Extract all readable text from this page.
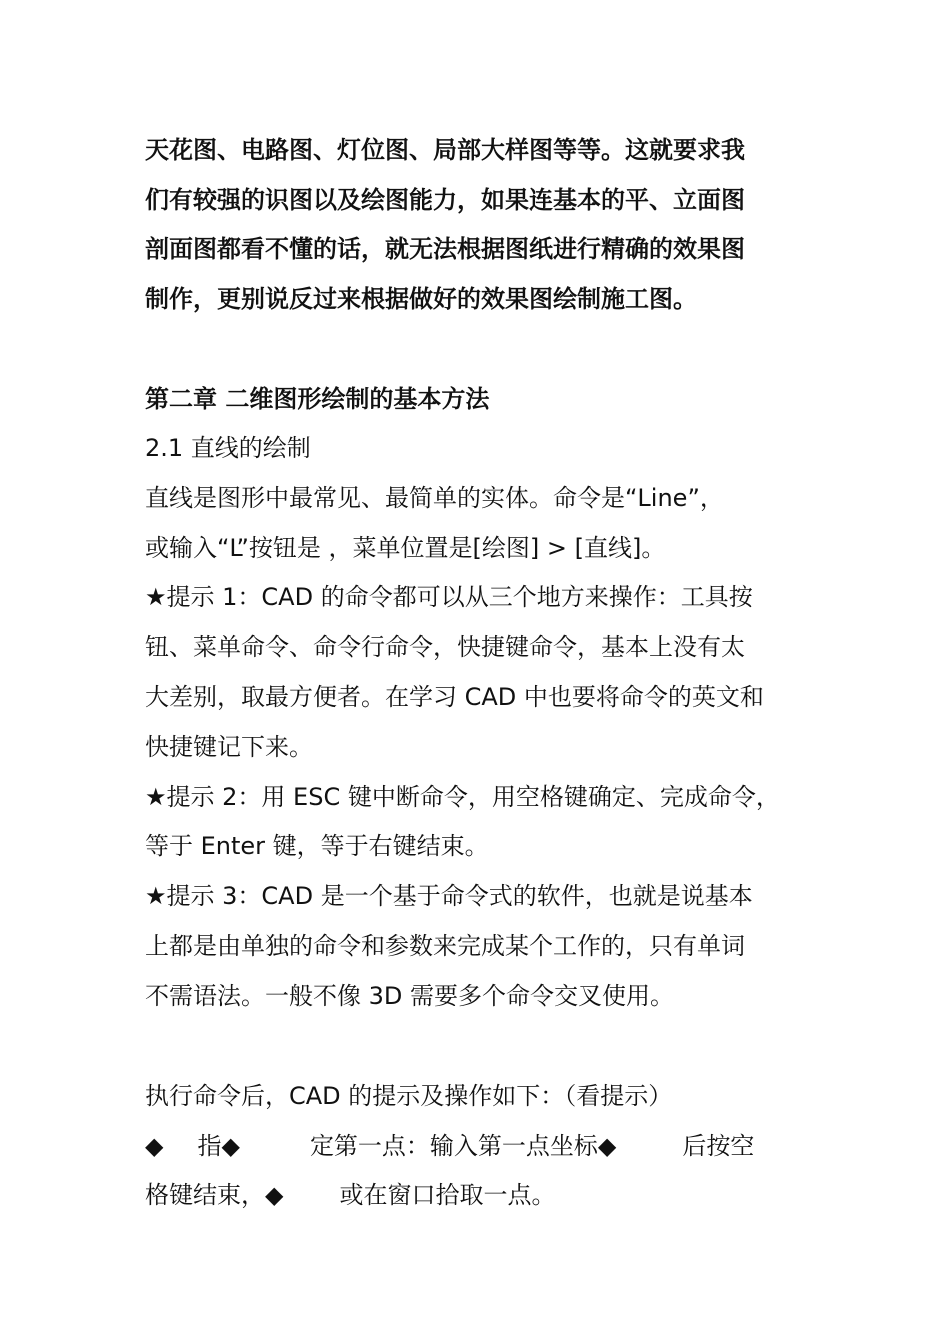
天花图、电路图、灯位图、局部大样图等等。这就要求我
们有较强的识图以及绘图能力，如果连基本的平、立面图
剖面图都看不懂的话，就无法根据图纸进行精确的效果图
制作，更别说反过来根据做好的效果图绘制施工图。
第二章 二维图形绘制的基本方法
2.1 直线的绘制
直线是图形中最常见、最简单的实体。命令是“Line”，
或输入“L”按钮是 ，菜单位置是[绘图] > [直线]。
★提示 1：CAD 的命令都可以从三个地方来操作：工具按
钮、菜单命令、命令行命令，快捷键命令，基本上没有太
大差别，取最方便者。在学习 CAD 中也要将命令的英文和
快捷键记下来。
★提示 2：用 ESC 键中断命令，用空格键确定、完成命令，
等于 Enter 键，等于右键结束。
★提示 3：CAD 是一个基于命令式的软件，也就是说基本
上都是由单独的命令和参数来完成某个工作的，只有单词
不需语法。一般不像 3D 需要多个命令交叉使用。
执行命令后，CAD 的提示及操作如下：（看提示）
◆ 指◆	定第一点：输入第一点坐标◆	后按空
格键结束，◆ 或在窗口拾取一点。
